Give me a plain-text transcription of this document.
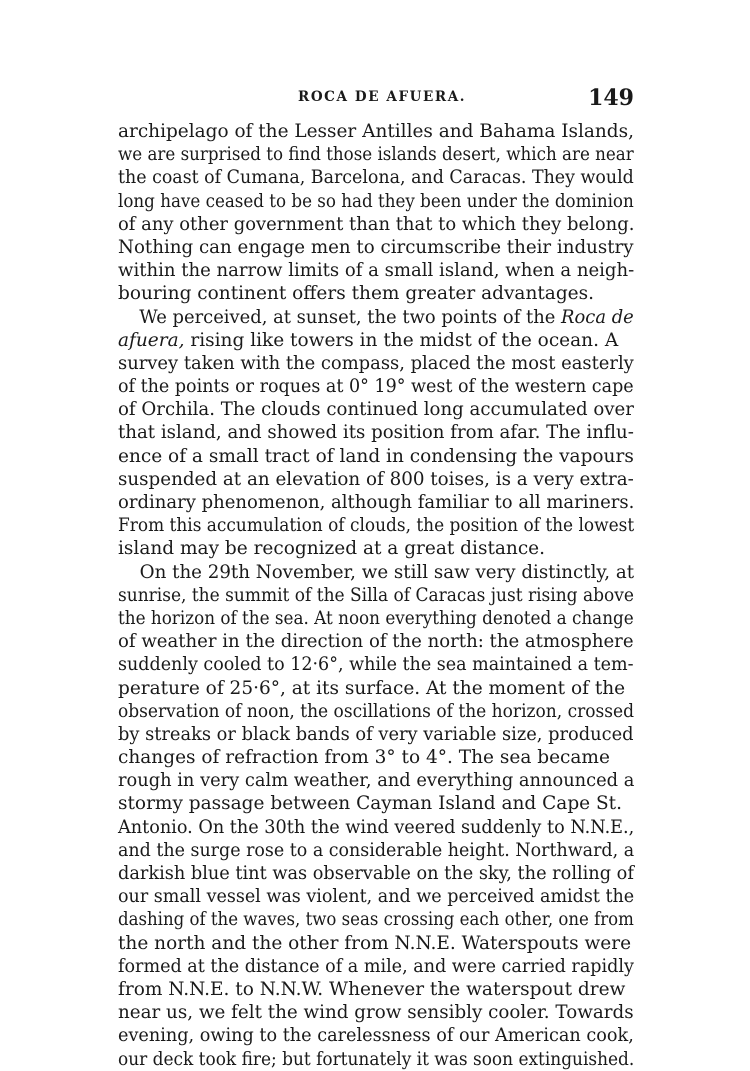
ROCA DE AFUERA.	149
archipelago of the Lesser Antilles and Bahama Islands,
we are surprised to find those islands desert, which are near
the coast of Cumana, Barcelona, and Caracas. They would
long have ceased to be so had they been under the dominion
of any other government than that to which they belong.
Nothing can engage men to circumscribe their industry
within the narrow limits of a small island, when a neigh-
bouring continent offers them greater advantages.
We perceived, at sunset, the two points of the Roca de
afuera, rising like towers in the midst of the ocean. A
survey taken with the compass, placed the most easterly
of the points or roques at 0° 19° west of the western cape
of Orchila. The clouds continued long accumulated over
that island, and showed its position from afar. The influ-
ence of a small tract of land in condensing the vapours
suspended at an elevation of 800 toises, is a very extra-
ordinary phenomenon, although familiar to all mariners.
From this accumulation of clouds, the position of the lowest
island may be recognized at a great distance.
On the 29th November, we still saw very distinctly, at
sunrise, the summit of the Silla of Caracas just rising above
the horizon of the sea. At noon everything denoted a change
of weather in the direction of the north: the atmosphere
suddenly cooled to 12·6°, while the sea maintained a tem-
perature of 25·6°, at its surface. At the moment of the
observation of noon, the oscillations of the horizon, crossed
by streaks or black bands of very variable size, produced
changes of refraction from 3° to 4°. The sea became
rough in very calm weather, and everything announced a
stormy passage between Cayman Island and Cape St.
Antonio. On the 30th the wind veered suddenly to N.N.E.,
and the surge rose to a considerable height. Northward, a
darkish blue tint was observable on the sky, the rolling of
our small vessel was violent, and we perceived amidst the
dashing of the waves, two seas crossing each other, one from
the north and the other from N.N.E. Waterspouts were
formed at the distance of a mile, and were carried rapidly
from N.N.E. to N.N.W. Whenever the waterspout drew
near us, we felt the wind grow sensibly cooler. Towards
evening, owing to the carelessness of our American cook,
our deck took fire; but fortunately it was soon extinguished.
